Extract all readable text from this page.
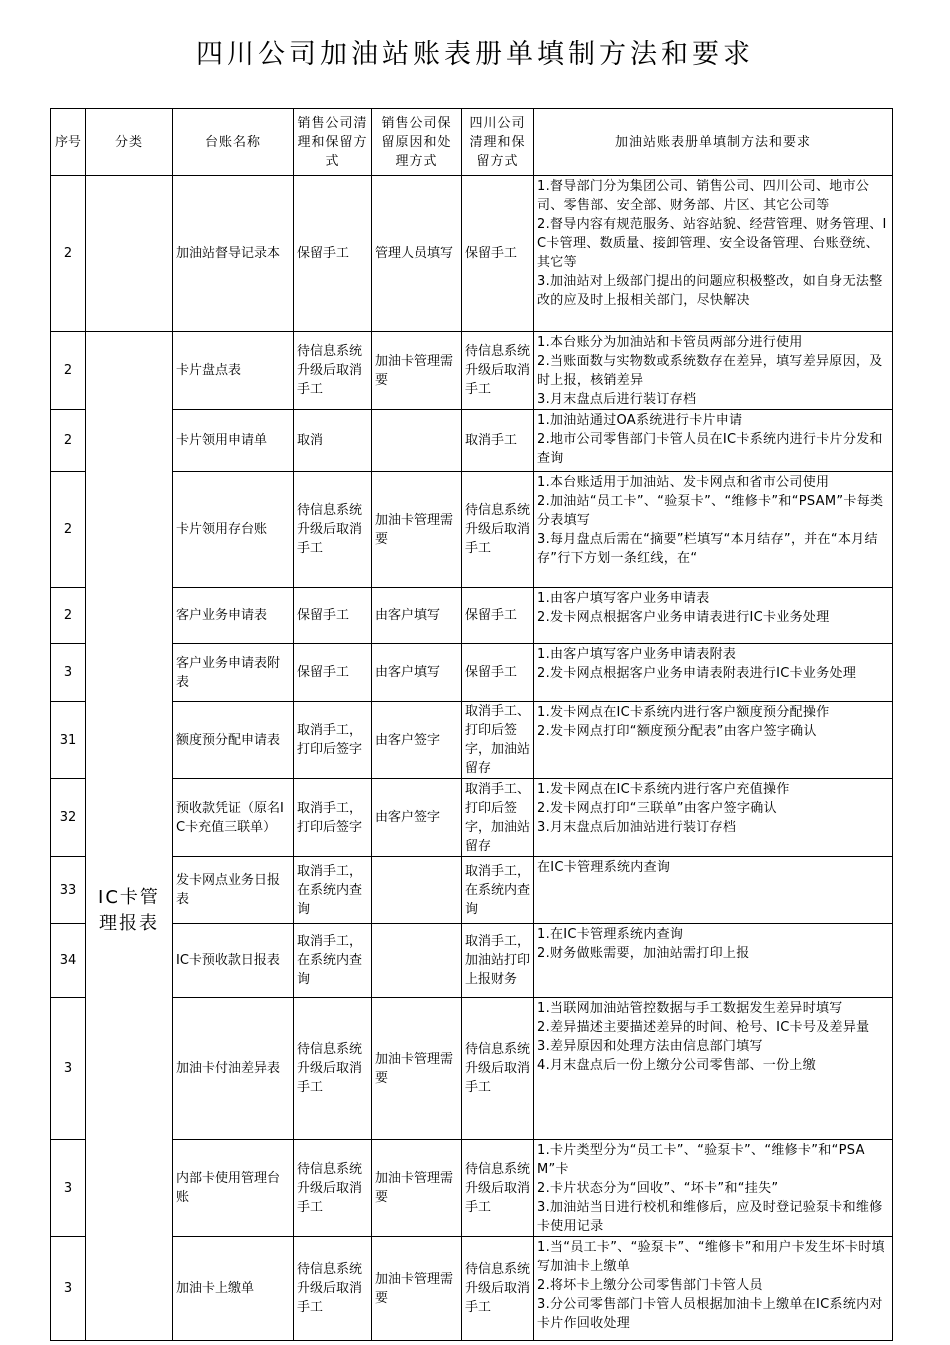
四川公司加油站账表册单填制方法和要求
序号	分类	台账名称	销售公司清理和保留方式	销售公司保留原因和处理方式	四川公司清理和保留方式	加油站账表册单填制方法和要求
2		加油站督导记录本	保留手工	管理人员填写	保留手工	1.督导部门分为集团公司、销售公司、四川公司、地市公司、零售部、安全部、财务部、片区、其它公司等
2.督导内容有规范服务、站容站貌、经营管理、财务管理、IC卡管理、数质量、接卸管理、安全设备管理、台账登统、其它等
3.加油站对上级部门提出的问题应积极整改，如自身无法整改的应及时上报相关部门，尽快解决

2	IC卡管理报表	卡片盘点表	待信息系统升级后取消手工	加油卡管理需要	待信息系统升级后取消手工	1.本台账分为加油站和卡管员两部分进行使用
2.当账面数与实物数或系统数存在差异，填写差异原因，及时上报，核销差异
3.月末盘点后进行装订存档

2		卡片领用申请单	取消		取消手工	1.加油站通过OA系统进行卡片申请
2.地市公司零售部门卡管人员在IC卡系统内进行卡片分发和查询

2		卡片领用存台账	待信息系统升级后取消手工	加油卡管理需要	待信息系统升级后取消手工	1.本台账适用于加油站、发卡网点和省市公司使用
2.加油站“员工卡”、“验泵卡”、“维修卡”和“PSAM”卡每类分表填写
3.每月盘点后需在“摘要”栏填写“本月结存”，并在“本月结存”行下方划一条红线，在“

2		客户业务申请表	保留手工	由客户填写	保留手工	1.由客户填写客户业务申请表
2.发卡网点根据客户业务申请表进行IC卡业务处理

3		客户业务申请表附表	保留手工	由客户填写	保留手工	1.由客户填写客户业务申请表附表
2.发卡网点根据客户业务申请表附表进行IC卡业务处理

31		额度预分配申请表	取消手工，打印后签字	由客户签字	取消手工、打印后签字，加油站留存	1.发卡网点在IC卡系统内进行客户额度预分配操作
2.发卡网点打印“额度预分配表”由客户签字确认

32		预收款凭证（原名IC卡充值三联单）	取消手工，打印后签字	由客户签字	取消手工、打印后签字，加油站留存	1.发卡网点在IC卡系统内进行客户充值操作
2.发卡网点打印“三联单”由客户签字确认
3.月末盘点后加油站进行装订存档

33		发卡网点业务日报表	取消手工，在系统内查询		取消手工，在系统内查询	在IC卡管理系统内查询

34		IC卡预收款日报表	取消手工，在系统内查询		取消手工，加油站打印上报财务	1.在IC卡管理系统内查询
2.财务做账需要，加油站需打印上报

3		加油卡付油差异表	待信息系统升级后取消手工	加油卡管理需要	待信息系统升级后取消手工	1.当联网加油站管控数据与手工数据发生差异时填写
2.差异描述主要描述差异的时间、枪号、IC卡号及差异量
3.差异原因和处理方法由信息部门填写
4.月末盘点后一份上缴分公司零售部、一份上缴

3		内部卡使用管理台账	待信息系统升级后取消手工	加油卡管理需要	待信息系统升级后取消手工	1.卡片类型分为“员工卡”、“验泵卡”、“维修卡”和“PSAM”卡
2.卡片状态分为“回收”、“坏卡”和“挂失”
3.加油站当日进行校机和维修后，应及时登记验泵卡和维修卡使用记录

3		加油卡上缴单	待信息系统升级后取消手工	加油卡管理需要	待信息系统升级后取消手工	1.当“员工卡”、“验泵卡”、“维修卡”和用户卡发生坏卡时填写加油卡上缴单
2.将坏卡上缴分公司零售部门卡管人员
3.分公司零售部门卡管人员根据加油卡上缴单在IC系统内对卡片作回收处理
